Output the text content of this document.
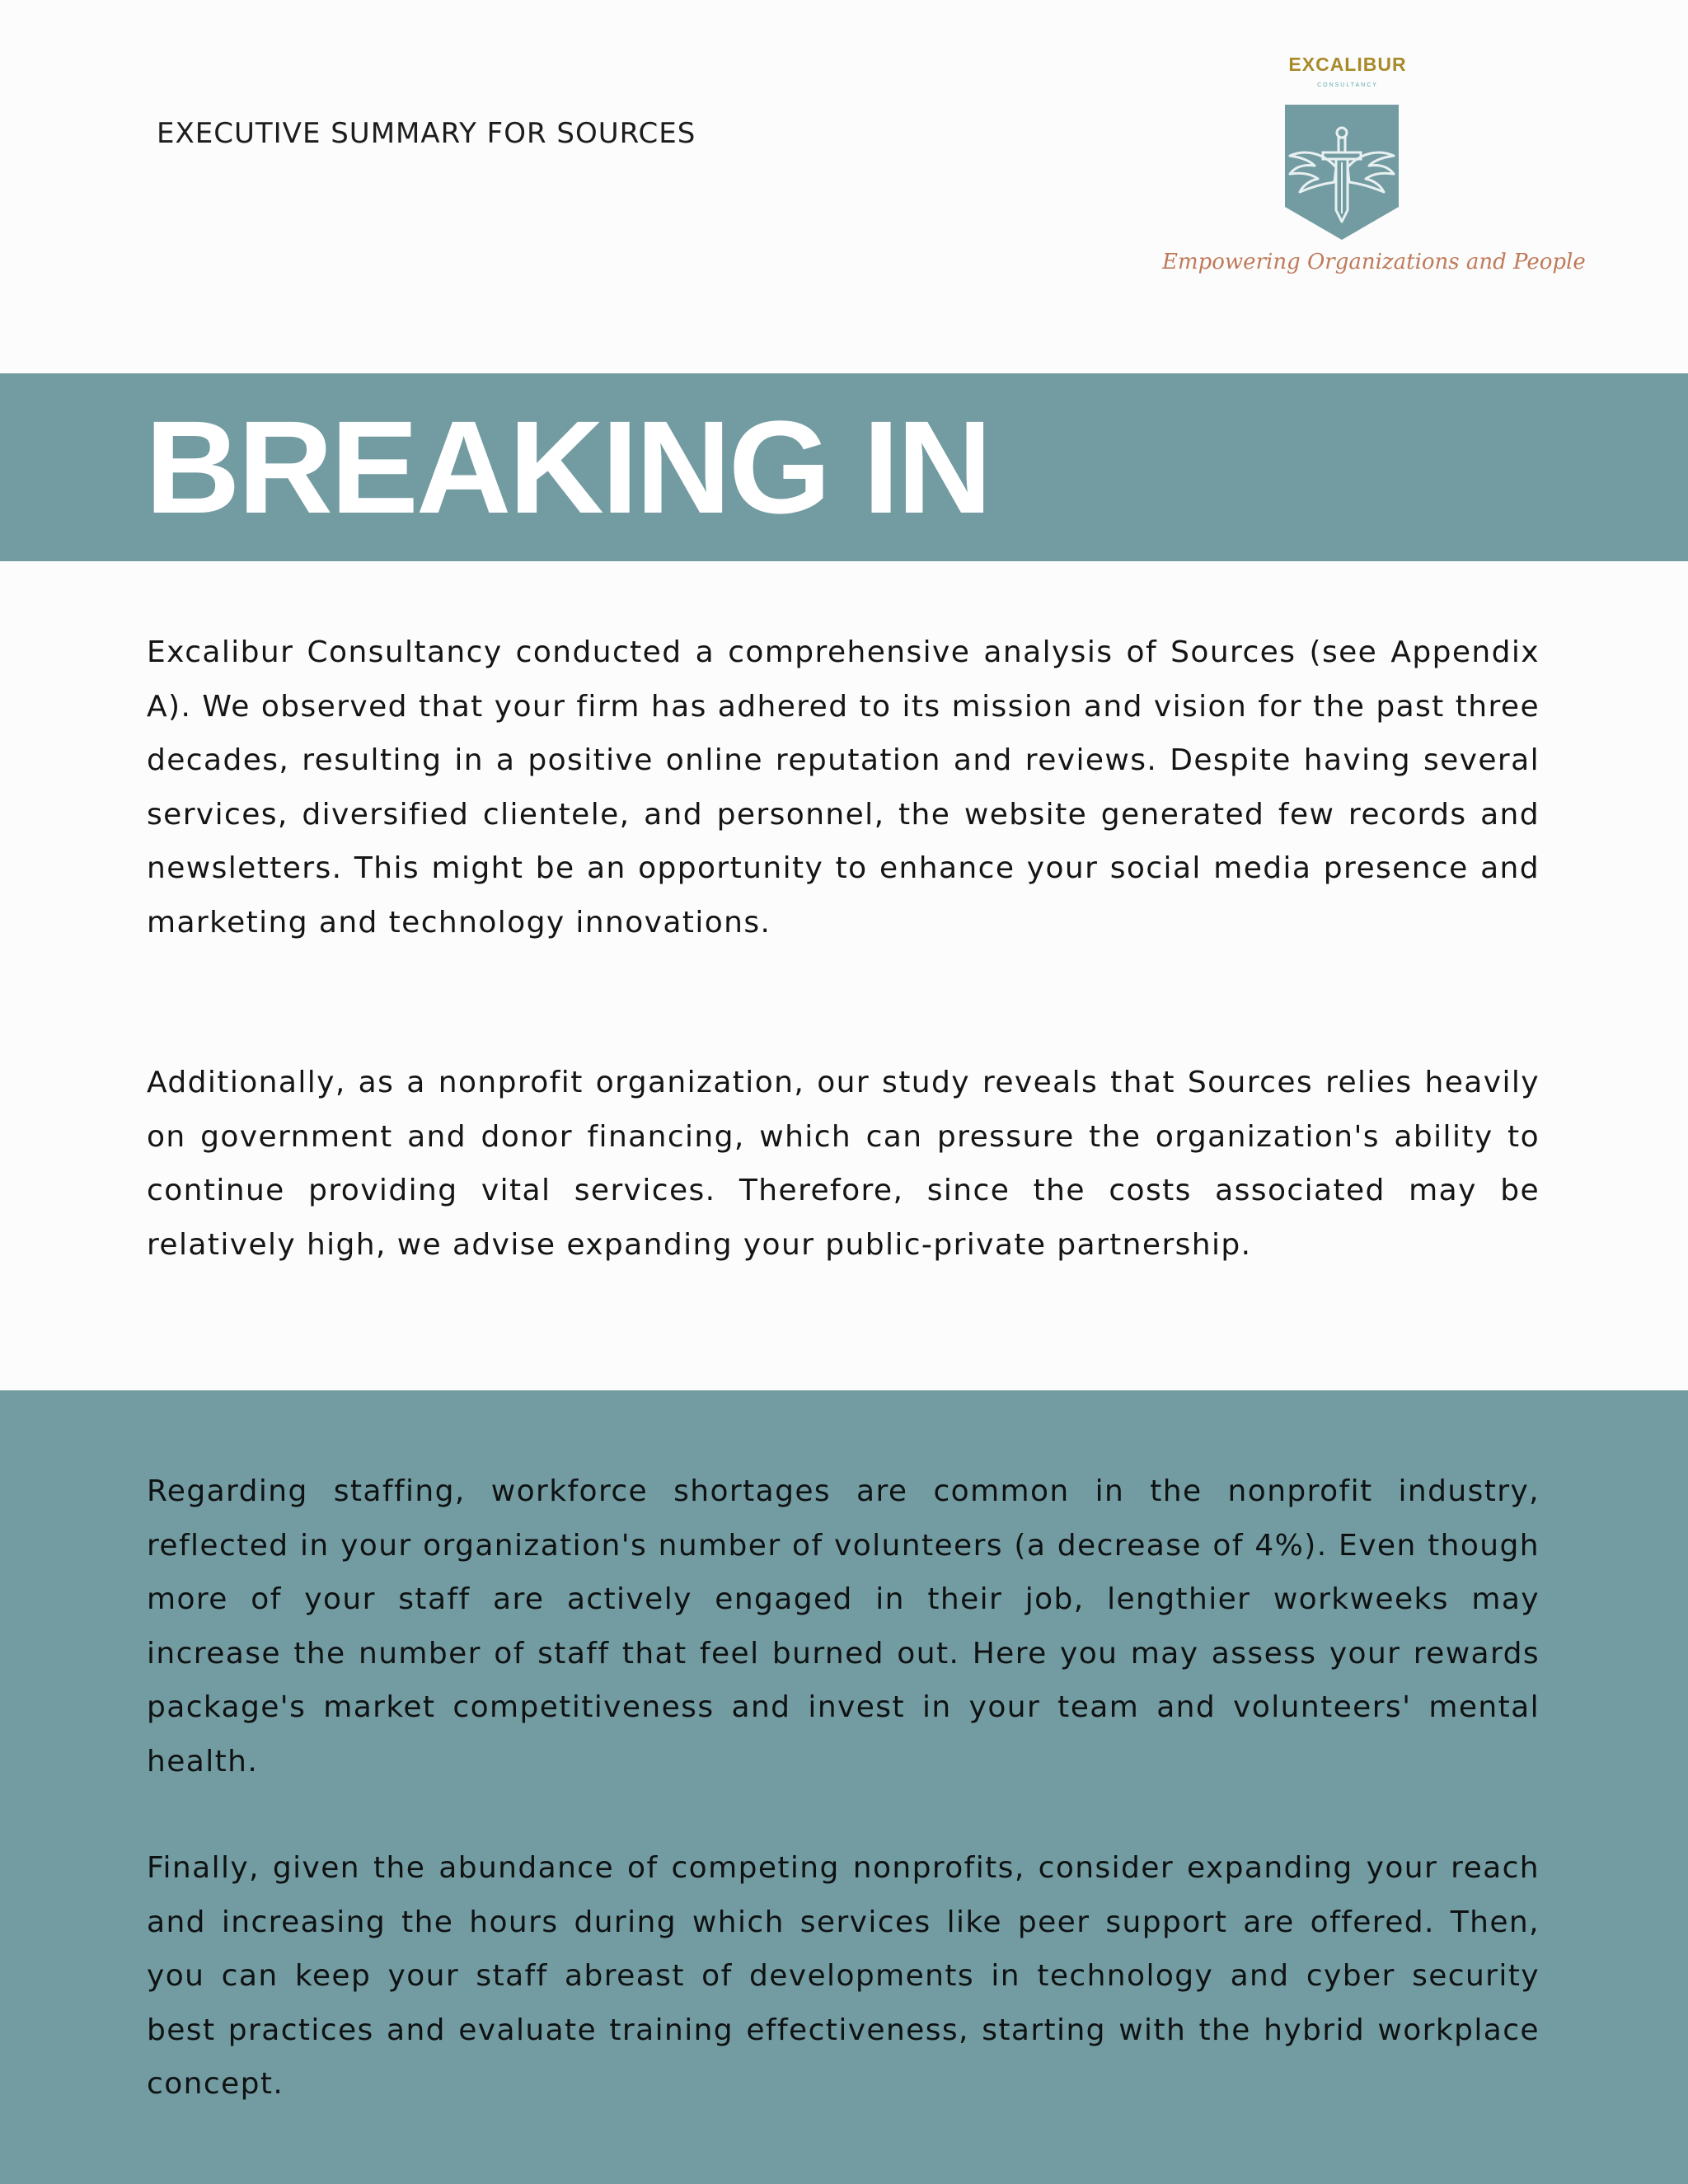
EXECUTIVE SUMMARY FOR SOURCES
EXCALIBUR
CONSULTANCY
Empowering Organizations and People
BREAKING IN

Excalibur Consultancy conducted a comprehensive analysis of Sources (see Appendix A). We observed that your firm has adhered to its mission and vision for the past three decades, resulting in a positive online reputation and reviews. Despite having several services, diversified clientele, and personnel, the website generated few records and newsletters. This might be an opportunity to enhance your social media presence and marketing and technology innovations.

Additionally, as a nonprofit organization, our study reveals that Sources relies heavily on government and donor financing, which can pressure the organization's ability to continue providing vital services. Therefore, since the costs associated may be relatively high, we advise expanding your public-private partnership.

Regarding staffing, workforce shortages are common in the nonprofit industry, reflected in your organization's number of volunteers (a decrease of 4%). Even though more of your staff are actively engaged in their job, lengthier workweeks may increase the number of staff that feel burned out. Here you may assess your rewards package's market competitiveness and invest in your team and volunteers' mental health.

Finally, given the abundance of competing nonprofits, consider expanding your reach and increasing the hours during which services like peer support are offered. Then, you can keep your staff abreast of developments in technology and cyber security best practices and evaluate training effectiveness, starting with the hybrid workplace concept.
